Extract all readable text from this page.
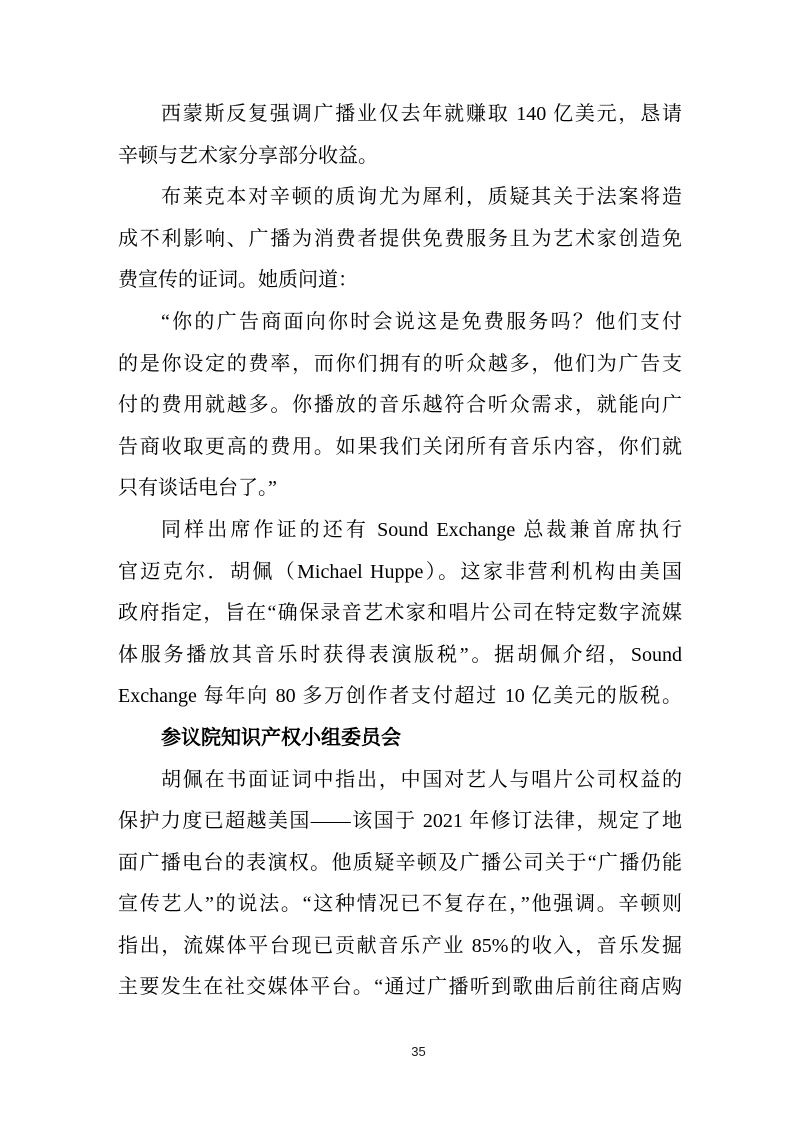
西蒙斯反复强调广播业仅去年就赚取 140 亿美元，恳请
辛顿与艺术家分享部分收益。
布莱克本对辛顿的质询尤为犀利，质疑其关于法案将造
成不利影响、广播为消费者提供免费服务且为艺术家创造免
费宣传的证词。她质问道：
“你的广告商面向你时会说这是免费服务吗？他们支付
的是你设定的费率，而你们拥有的听众越多，他们为广告支
付的费用就越多。你播放的音乐越符合听众需求，就能向广
告商收取更高的费用。如果我们关闭所有音乐内容，你们就
只有谈话电台了。”
同样出席作证的还有 Sound Exchange 总裁兼首席执行
官迈克尔．胡佩（Michael Huppe）。这家非营利机构由美国
政府指定，旨在“确保录音艺术家和唱片公司在特定数字流媒
体服务播放其音乐时获得表演版税”。据胡佩介绍，Sound
Exchange 每年向 80 多万创作者支付超过 10 亿美元的版税。
参议院知识产权小组委员会
胡佩在书面证词中指出，中国对艺人与唱片公司权益的
保护力度已超越美国——该国于 2021 年修订法律，规定了地
面广播电台的表演权。他质疑辛顿及广播公司关于“广播仍能
宣传艺人”的说法。“这种情况已不复存在，”他强调。辛顿则
指出，流媒体平台现已贡献音乐产业 85%的收入，音乐发掘
主要发生在社交媒体平台。“通过广播听到歌曲后前往商店购
35
